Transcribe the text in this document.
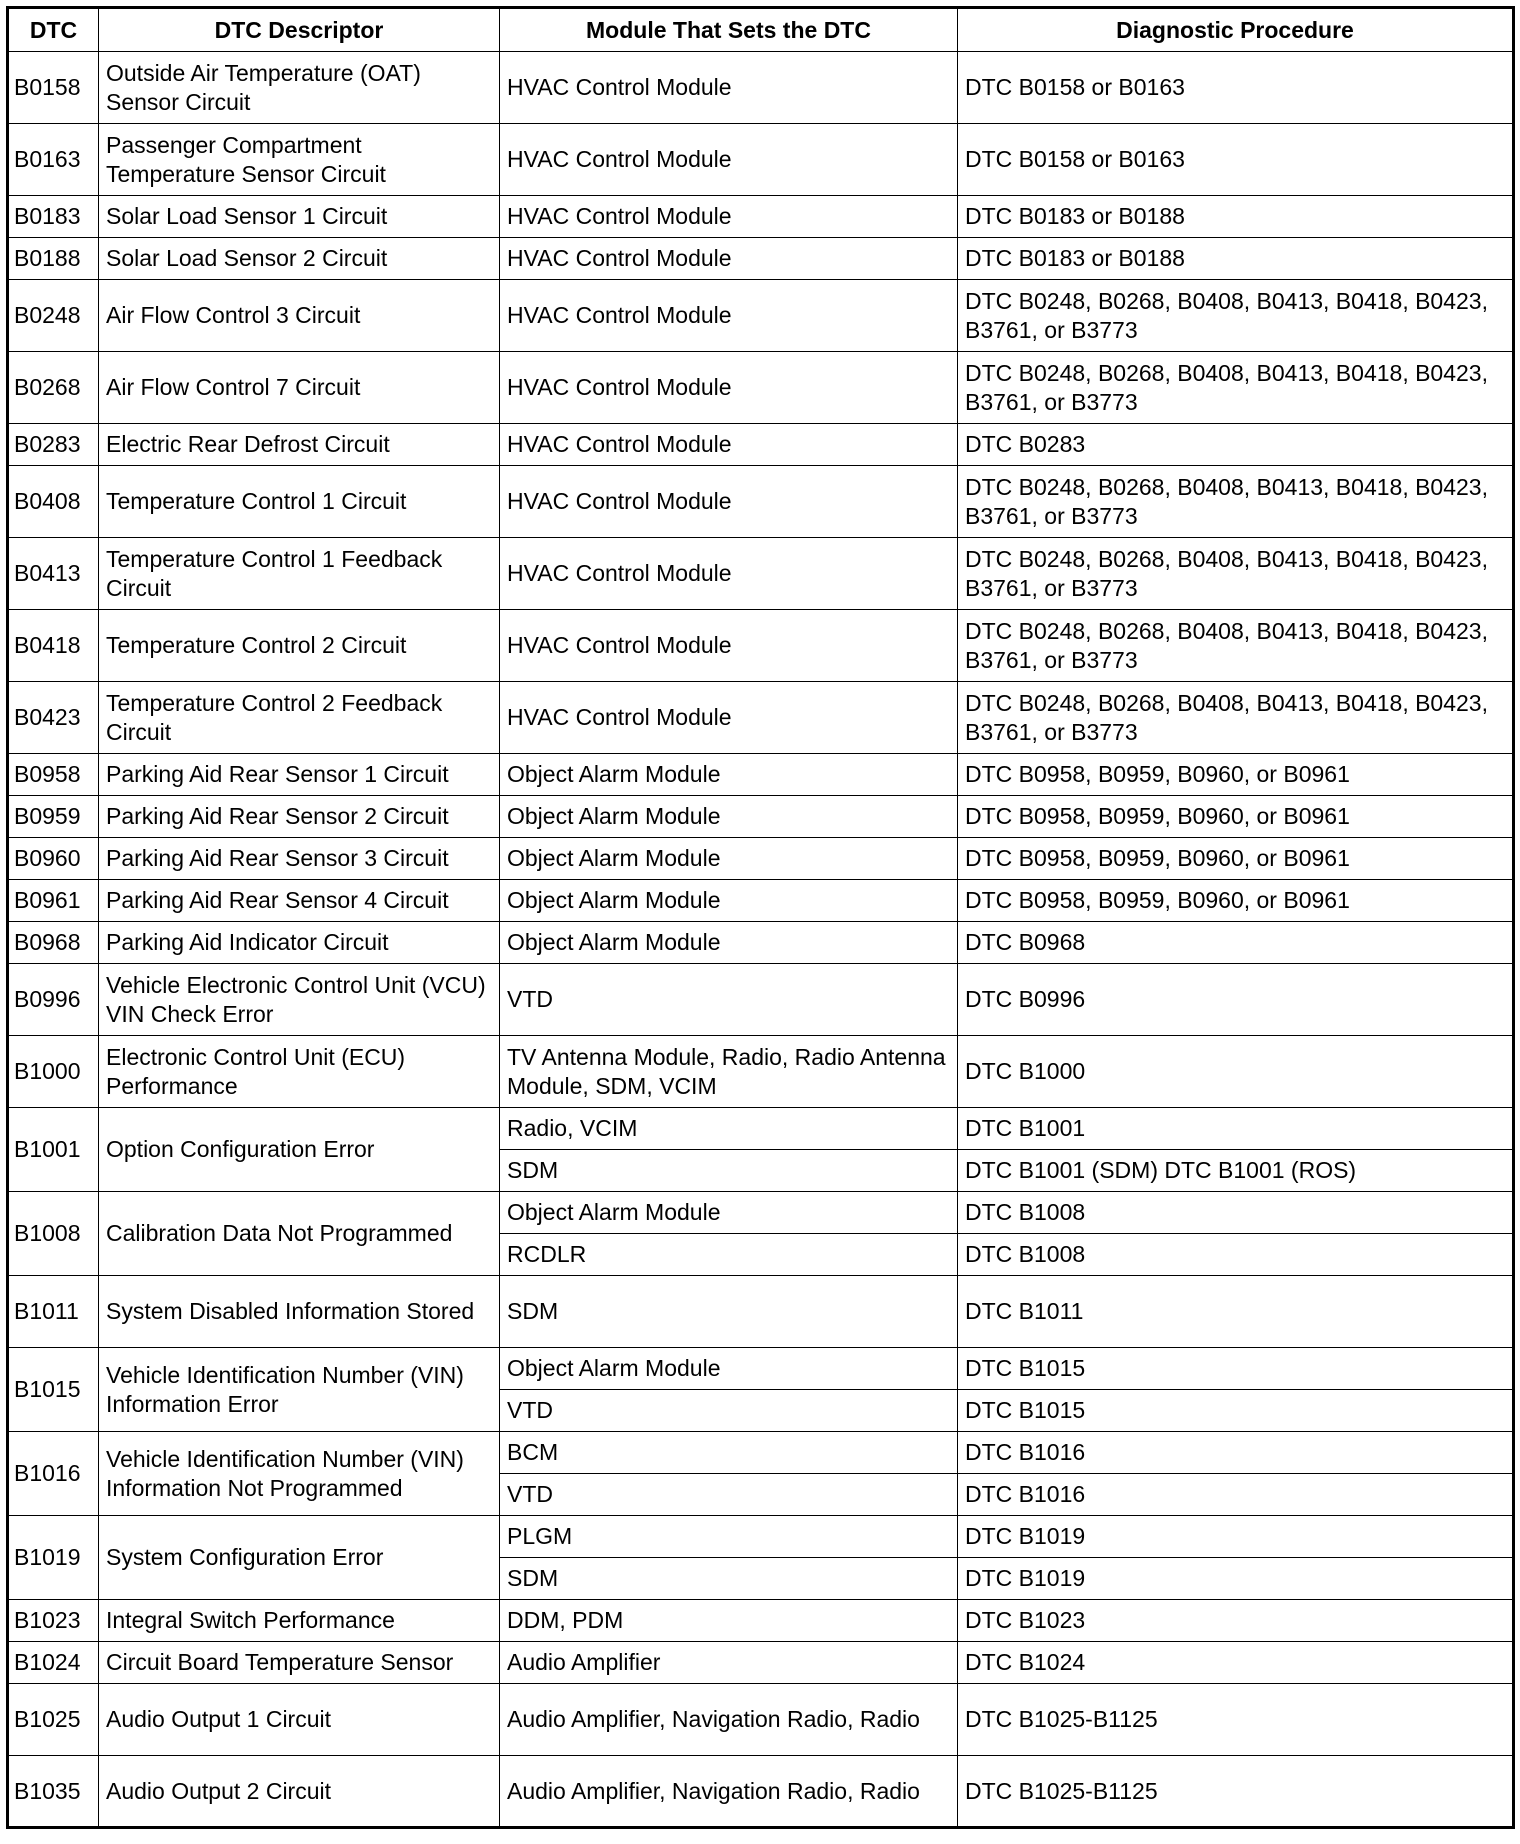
DTC	DTC Descriptor	Module That Sets the DTC	Diagnostic Procedure
B0158	Outside Air Temperature (OAT) Sensor Circuit	HVAC Control Module	DTC B0158 or B0163
B0163	Passenger Compartment Temperature Sensor Circuit	HVAC Control Module	DTC B0158 or B0163
B0183	Solar Load Sensor 1 Circuit	HVAC Control Module	DTC B0183 or B0188
B0188	Solar Load Sensor 2 Circuit	HVAC Control Module	DTC B0183 or B0188
B0248	Air Flow Control 3 Circuit	HVAC Control Module	DTC B0248, B0268, B0408, B0413, B0418, B0423, B3761, or B3773
B0268	Air Flow Control 7 Circuit	HVAC Control Module	DTC B0248, B0268, B0408, B0413, B0418, B0423, B3761, or B3773
B0283	Electric Rear Defrost Circuit	HVAC Control Module	DTC B0283
B0408	Temperature Control 1 Circuit	HVAC Control Module	DTC B0248, B0268, B0408, B0413, B0418, B0423, B3761, or B3773
B0413	Temperature Control 1 Feedback Circuit	HVAC Control Module	DTC B0248, B0268, B0408, B0413, B0418, B0423, B3761, or B3773
B0418	Temperature Control 2 Circuit	HVAC Control Module	DTC B0248, B0268, B0408, B0413, B0418, B0423, B3761, or B3773
B0423	Temperature Control 2 Feedback Circuit	HVAC Control Module	DTC B0248, B0268, B0408, B0413, B0418, B0423, B3761, or B3773
B0958	Parking Aid Rear Sensor 1 Circuit	Object Alarm Module	DTC B0958, B0959, B0960, or B0961
B0959	Parking Aid Rear Sensor 2 Circuit	Object Alarm Module	DTC B0958, B0959, B0960, or B0961
B0960	Parking Aid Rear Sensor 3 Circuit	Object Alarm Module	DTC B0958, B0959, B0960, or B0961
B0961	Parking Aid Rear Sensor 4 Circuit	Object Alarm Module	DTC B0958, B0959, B0960, or B0961
B0968	Parking Aid Indicator Circuit	Object Alarm Module	DTC B0968
B0996	Vehicle Electronic Control Unit (VCU) VIN Check Error	VTD	DTC B0996
B1000	Electronic Control Unit (ECU) Performance	TV Antenna Module, Radio, Radio Antenna Module, SDM, VCIM	DTC B1000
B1001	Option Configuration Error	Radio, VCIM	DTC B1001
		SDM	DTC B1001 (SDM) DTC B1001 (ROS)
B1008	Calibration Data Not Programmed	Object Alarm Module	DTC B1008
		RCDLR	DTC B1008
B1011	System Disabled Information Stored	SDM	DTC B1011
B1015	Vehicle Identification Number (VIN) Information Error	Object Alarm Module	DTC B1015
		VTD	DTC B1015
B1016	Vehicle Identification Number (VIN) Information Not Programmed	BCM	DTC B1016
		VTD	DTC B1016
B1019	System Configuration Error	PLGM	DTC B1019
		SDM	DTC B1019
B1023	Integral Switch Performance	DDM, PDM	DTC B1023
B1024	Circuit Board Temperature Sensor	Audio Amplifier	DTC B1024
B1025	Audio Output 1 Circuit	Audio Amplifier, Navigation Radio, Radio	DTC B1025-B1125
B1035	Audio Output 2 Circuit	Audio Amplifier, Navigation Radio, Radio	DTC B1025-B1125
